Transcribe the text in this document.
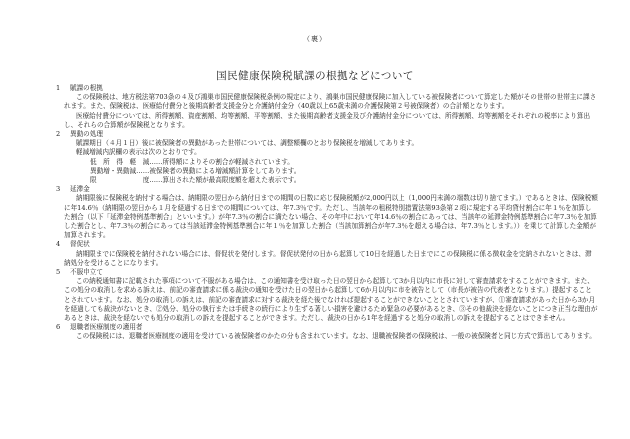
（裏）
国民健康保険税賦課の根拠などについて
1	賦課の根拠

この保険税は、地方税法第703条の４及び鴻巣市国民健康保険税条例の規定により、鴻巣市国民健康保険に加入している被保険者について算定した額がその世帯の世帯主に課されます。また、保険税は、医療給付費分と後期高齢者支援金分と介護納付金分（40歳以上65歳未満の介護保険第２号被保険者）の合計額となります。

医療給付費分については、所得割額、資産割額、均等割額、平等割額、また後期高齢者支援金及び介護納付金分については、所得割額、均等割額をそれぞれの税率により算出し、それらの合算額が保険税となります。

2	異動の処理

賦課期日（４月１日）後に被保険者の異動があった世帯については、調整額欄のとおり保険税を増減してあります。

軽減増減内訳欄の表示は次のとおりです。

低　所　得　軽　減……所得額によりその割合が軽減されています。
異動増・異動減……被保険者の異動による増減額計算をしてあります。
限　　　　　　　度……算出された額が最高限度額を超えた表示です。
3	延滞金

納期限後に保険税を納付する場合は、納期限の翌日から納付日までの期間の日数に応じ保険税額が2,000円以上（1,000円未満の端数は切り捨てます。）であるときは、保険税額に年14.6％（納期限の翌日から１月を経過する日までの期間については、年7.3％です。ただし、当該年の租税特別措置法第93条第２項に規定する平均貸付割合に年１％を加算した割合（以下「延滞金特例基準割合」といいます。）が年7.3％の割合に満たない場合、その年中において年14.6％の割合にあっては、当該年の延滞金特例基準割合に年7.3％を加算した割合とし、年7.3％の割合にあっては当該延滞金特例基準割合に年１％を加算した割合（当該加算割合が年7.3％を超える場合は、年7.3％とします。））を乗じて計算した金額が加算されます。

4	督促状

納期限までに保険税を納付されない場合には、督促状を発付します。督促状発付の日から起算して10日を経過した日までにこの保険税に係る徴収金を完納されないときは、滞納処分を受けることになります。

5	不服申立て

この納税通知書に記載された事項について不服がある場合は、この通知書を受け取った日の翌日から起算して3か月以内に市長に対して審査請求をすることができます。また、この処分の取消しを求める訴えは、前記の審査請求に係る裁決の通知を受けた日の翌日から起算して6か月以内に市を被告として（市長が被告の代表者となります。）提起することとされています。なお、処分の取消しの訴えは、前記の審査請求に対する裁決を経た後でなければ提起することができないこととされていますが、①審査請求があった日から3か月を経過しても裁決がないとき、②処分、処分の執行または手続きの続行により生ずる著しい損害を避けるため緊急の必要があるとき、③その他裁決を経ないことにつき正当な理由があるときは、裁決を経ないでも処分の取消しの訴えを提起することができます。ただし、裁決の日から1年を経過すると処分の取消しの訴えを提起することはできません。

6	退職者医療制度の適用者

この保険税には、退職者医療制度の適用を受けている被保険者のかたの分も含まれています。なお、退職被保険者の保険税は、一般の被保険者と同じ方式で算出してあります。
